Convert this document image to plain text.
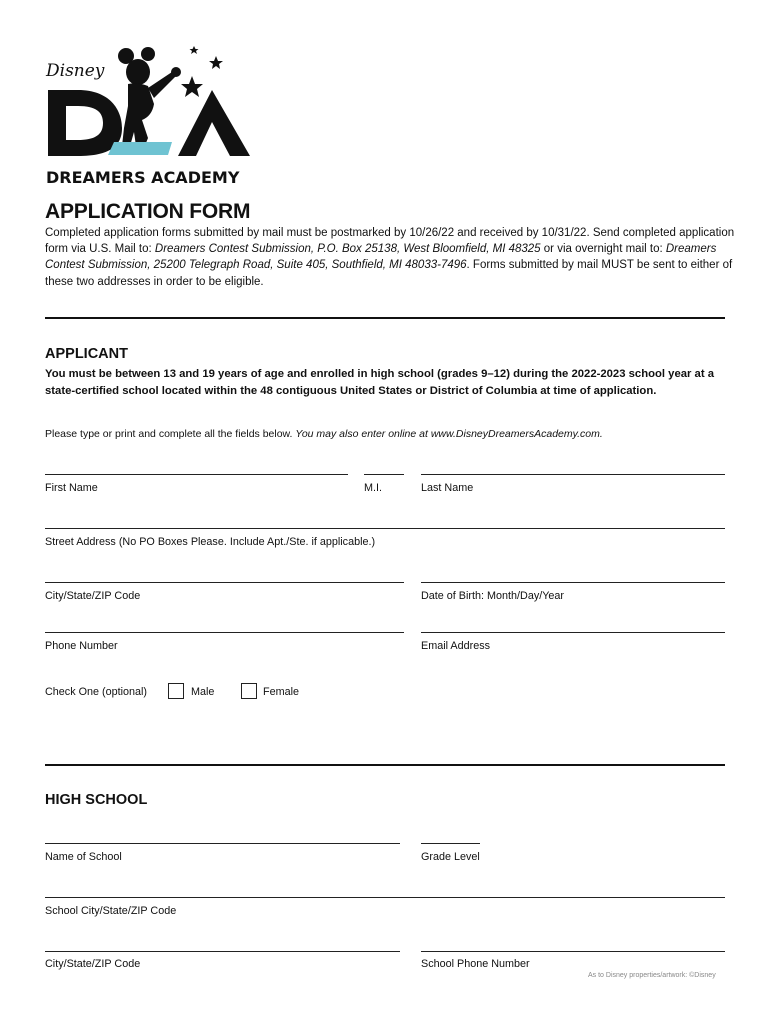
Disney
DREAMERS ACADEMY
APPLICATION FORM
Completed application forms submitted by mail must be postmarked by 10/26/22 and received by 10/31/22. Send completed application form via U.S. Mail to: Dreamers Contest Submission, P.O. Box 25138, West Bloomfield, MI 48325 or via overnight mail to: Dreamers Contest Submission, 25200 Telegraph Road, Suite 405, Southfield, MI 48033-7496. Forms submitted by mail MUST be sent to either of these two addresses in order to be eligible.
APPLICANT
You must be between 13 and 19 years of age and enrolled in high school (grades 9–12) during the 2022-2023 school year at a state-certified school located within the 48 contiguous United States or District of Columbia at time of application.
Please type or print and complete all the fields below. You may also enter online at www.DisneyDreamersAcademy.com.
First Name	M.I.	Last Name
Street Address (No PO Boxes Please. Include Apt./Ste. if applicable.)
City/State/ZIP Code	Date of Birth: Month/Day/Year
Phone Number	Email Address
Check One (optional)	Male	Female
HIGH SCHOOL
Name of School	Grade Level
School City/State/ZIP Code
City/State/ZIP Code	School Phone Number
As to Disney properties/artwork: ©Disney
